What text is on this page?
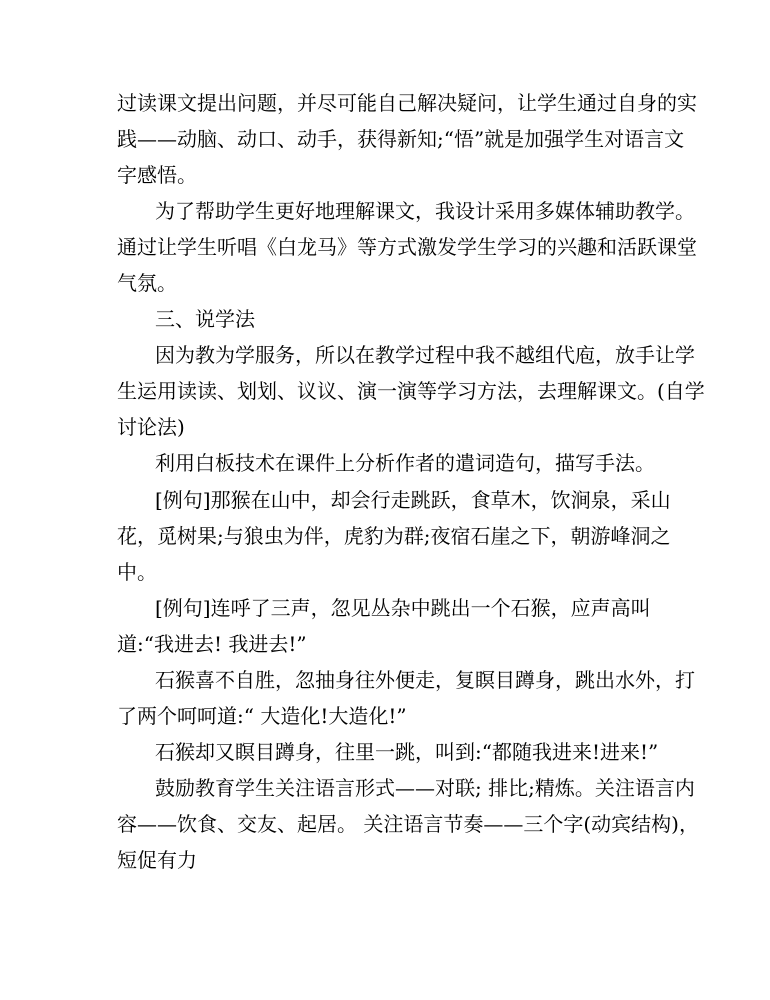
过读课文提出问题，并尽可能自己解决疑问，让学生通过自身的实
践——动脑、动口、动手，获得新知;“悟”就是加强学生对语言文
字感悟。
为了帮助学生更好地理解课文，我设计采用多媒体辅助教学。
通过让学生听唱《白龙马》等方式激发学生学习的兴趣和活跃课堂
气氛。
三、说学法
因为教为学服务，所以在教学过程中我不越组代庖，放手让学
生运用读读、划划、议议、演一演等学习方法，去理解课文。(自学
讨论法)
利用白板技术在课件上分析作者的遣词造句，描写手法。
[例句]那猴在山中，却会行走跳跃，食草木，饮涧泉，采山
花，觅树果;与狼虫为伴，虎豹为群;夜宿石崖之下，朝游峰洞之
中。
[例句]连呼了三声，忽见丛杂中跳出一个石猴，应声高叫
道:“我进去! 我进去!”
石猴喜不自胜，忽抽身往外便走，复瞑目蹲身，跳出水外，打
了两个呵呵道:“ 大造化!大造化!”
石猴却又瞑目蹲身，往里一跳，叫到:“都随我进来!进来!”
鼓励教育学生关注语言形式——对联; 排比;精炼。关注语言内
容——饮食、交友、起居。 关注语言节奏——三个字(动宾结构)，
短促有力
